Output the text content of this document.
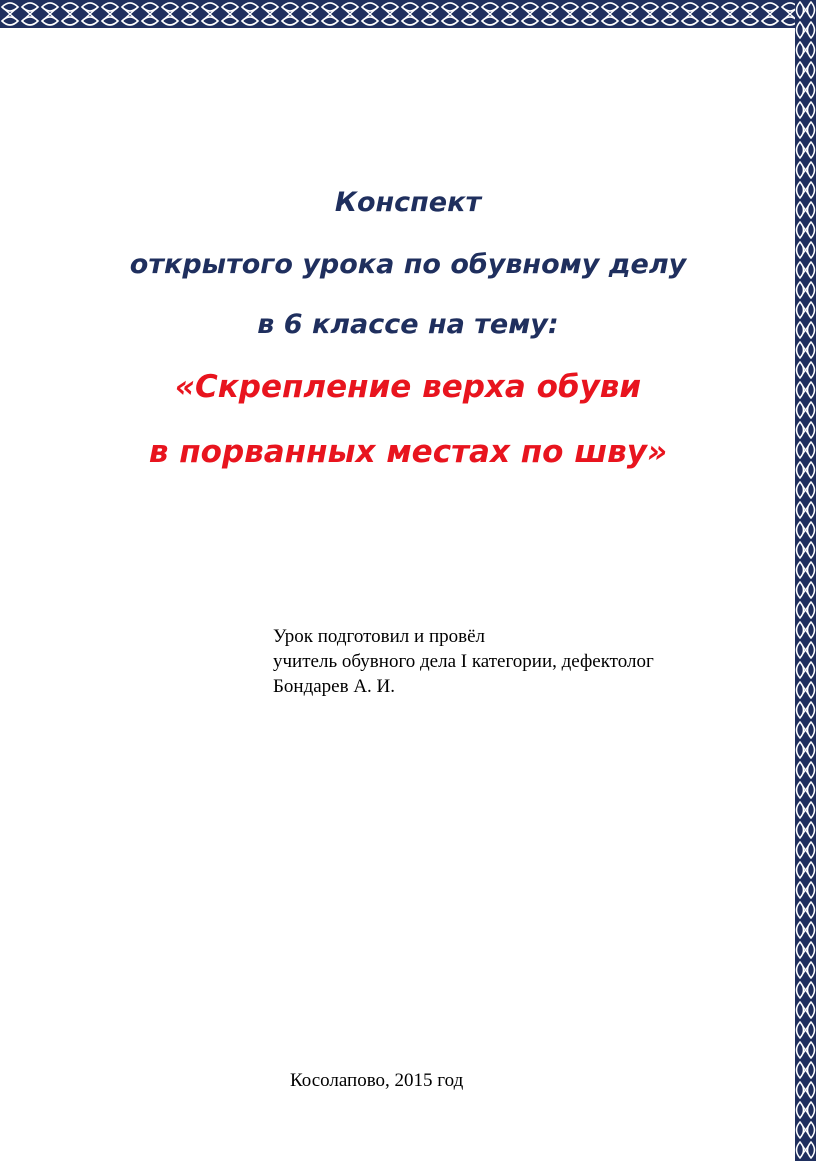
Конспект
открытого урока по обувному делу
в 6 классе на тему:
«Скрепление верха обуви
в порванных местах по шву»
Урок подготовил и провёл
учитель обувного дела I категории, дефектолог
Бондарев А. И.
Косолапово, 2015 год
